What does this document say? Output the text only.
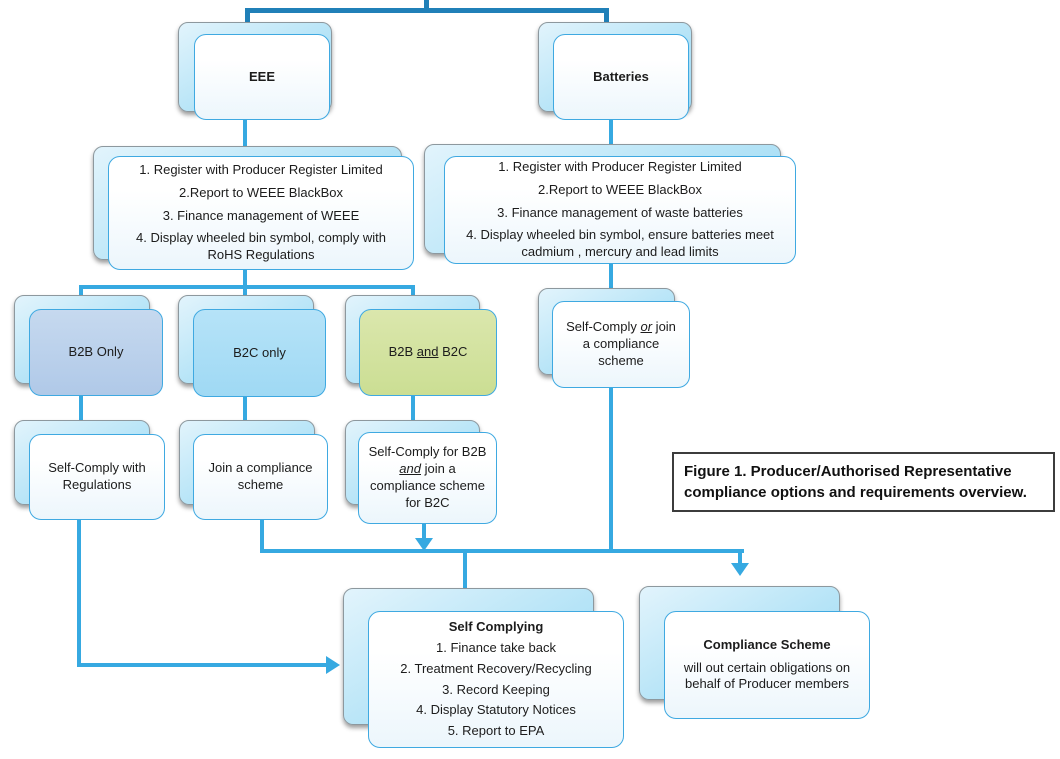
EEE	Batteries
1. Register with Producer Register Limited
2.Report to WEEE BlackBox
3. Finance management of WEEE
4. Display wheeled bin symbol, comply with RoHS Regulations
1. Register with Producer Register Limited
2.Report to WEEE BlackBox
3. Finance management of waste batteries
4. Display wheeled bin symbol, ensure batteries meet cadmium , mercury and lead limits
B2B Only	B2C only	B2B and B2C
Self-Comply with Regulations
Join a compliance scheme
Self-Comply for B2B and join a compliance scheme for B2C
Self-Comply or join a compliance scheme
Figure 1. Producer/Authorised Representative compliance options and requirements overview.
Self Complying
1. Finance take back
2. Treatment Recovery/Recycling
3. Record Keeping
4. Display Statutory Notices
5. Report to EPA
Compliance Scheme
will out certain obligations on behalf of Producer members
